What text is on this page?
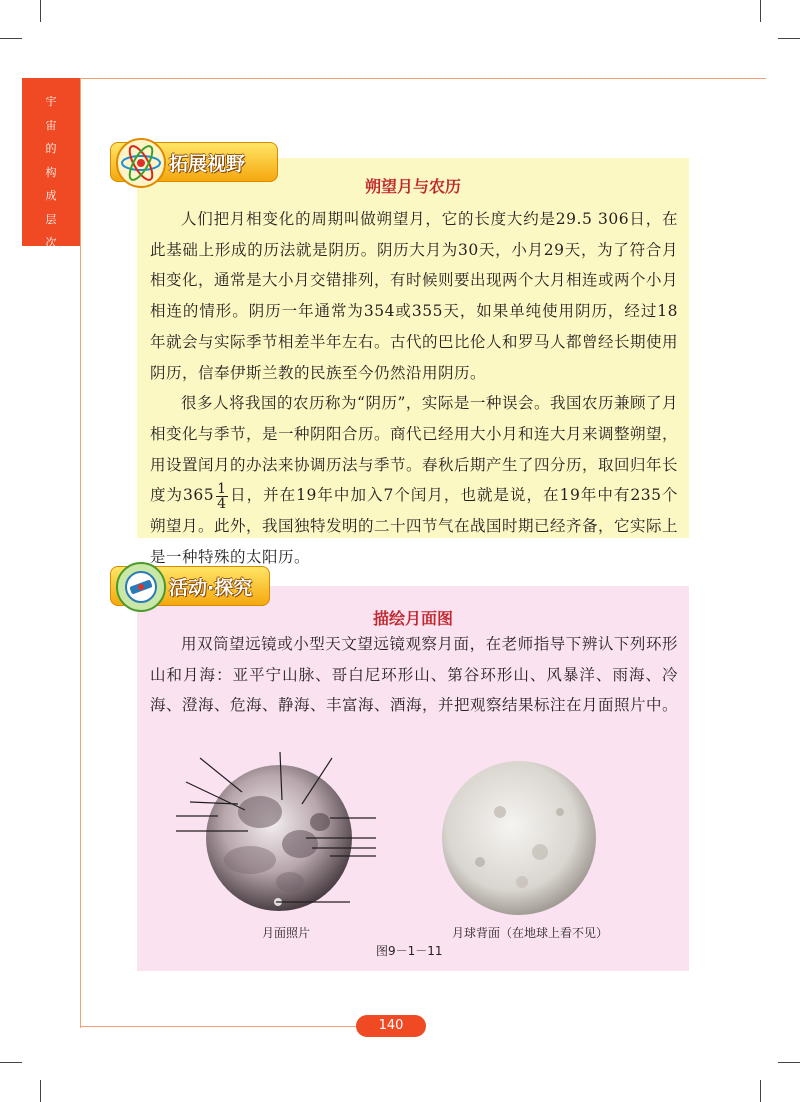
宇
宙
的
构
成
层
次
拓展视野
朔望月与农历

人们把月相变化的周期叫做朔望月，它的长度大约是29.5 306日，在此基础上形成的历法就是阴历。阴历大月为30天，小月29天，为了符合月相变化，通常是大小月交错排列，有时候则要出现两个大月相连或两个小月相连的情形。阴历一年通常为354或355天，如果单纯使用阴历，经过18年就会与实际季节相差半年左右。古代的巴比伦人和罗马人都曾经长期使用阴历，信奉伊斯兰教的民族至今仍然沿用阴历。

很多人将我国的农历称为“阴历”，实际是一种误会。我国农历兼顾了月相变化与季节，是一种阴阳合历。商代已经用大小月和连大月来调整朔望，用设置闰月的办法来协调历法与季节。春秋后期产生了四分历，取回归年长度为$365 \frac{1}{4}$ 日，并在19年中加入7个闰月，也就是说，在19年中有235个朔望月。此外，我国独特发明的二十四节气在战国时期已经齐备，它实际上是一种特殊的太阳历。

活动·探究
描绘月面图

用双筒望远镜或小型天文望远镜观察月面，在老师指导下辨认下列环形山和月海：亚平宁山脉、哥白尼环形山、第谷环形山、风暴洋、雨海、冷海、澄海、危海、静海、丰富海、酒海，并把观察结果标注在月面照片中。

月面照片	月球背面（在地球上看不见）
图9－1－11
140
